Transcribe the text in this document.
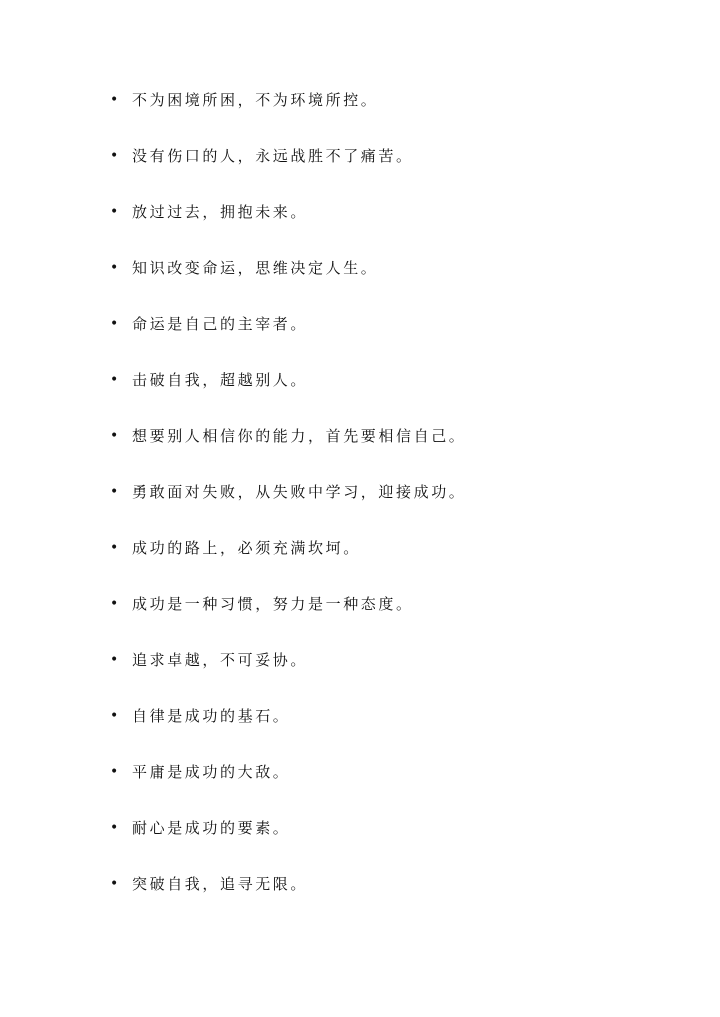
• 不为困境所困，不为环境所控。
• 没有伤口的人，永远战胜不了痛苦。
• 放过过去，拥抱未来。
• 知识改变命运，思维决定人生。
• 命运是自己的主宰者。
• 击破自我，超越别人。
• 想要别人相信你的能力，首先要相信自己。
• 勇敢面对失败，从失败中学习，迎接成功。
• 成功的路上，必须充满坎坷。
• 成功是一种习惯，努力是一种态度。
• 追求卓越，不可妥协。
• 自律是成功的基石。
• 平庸是成功的大敌。
• 耐心是成功的要素。
• 突破自我，追寻无限。
